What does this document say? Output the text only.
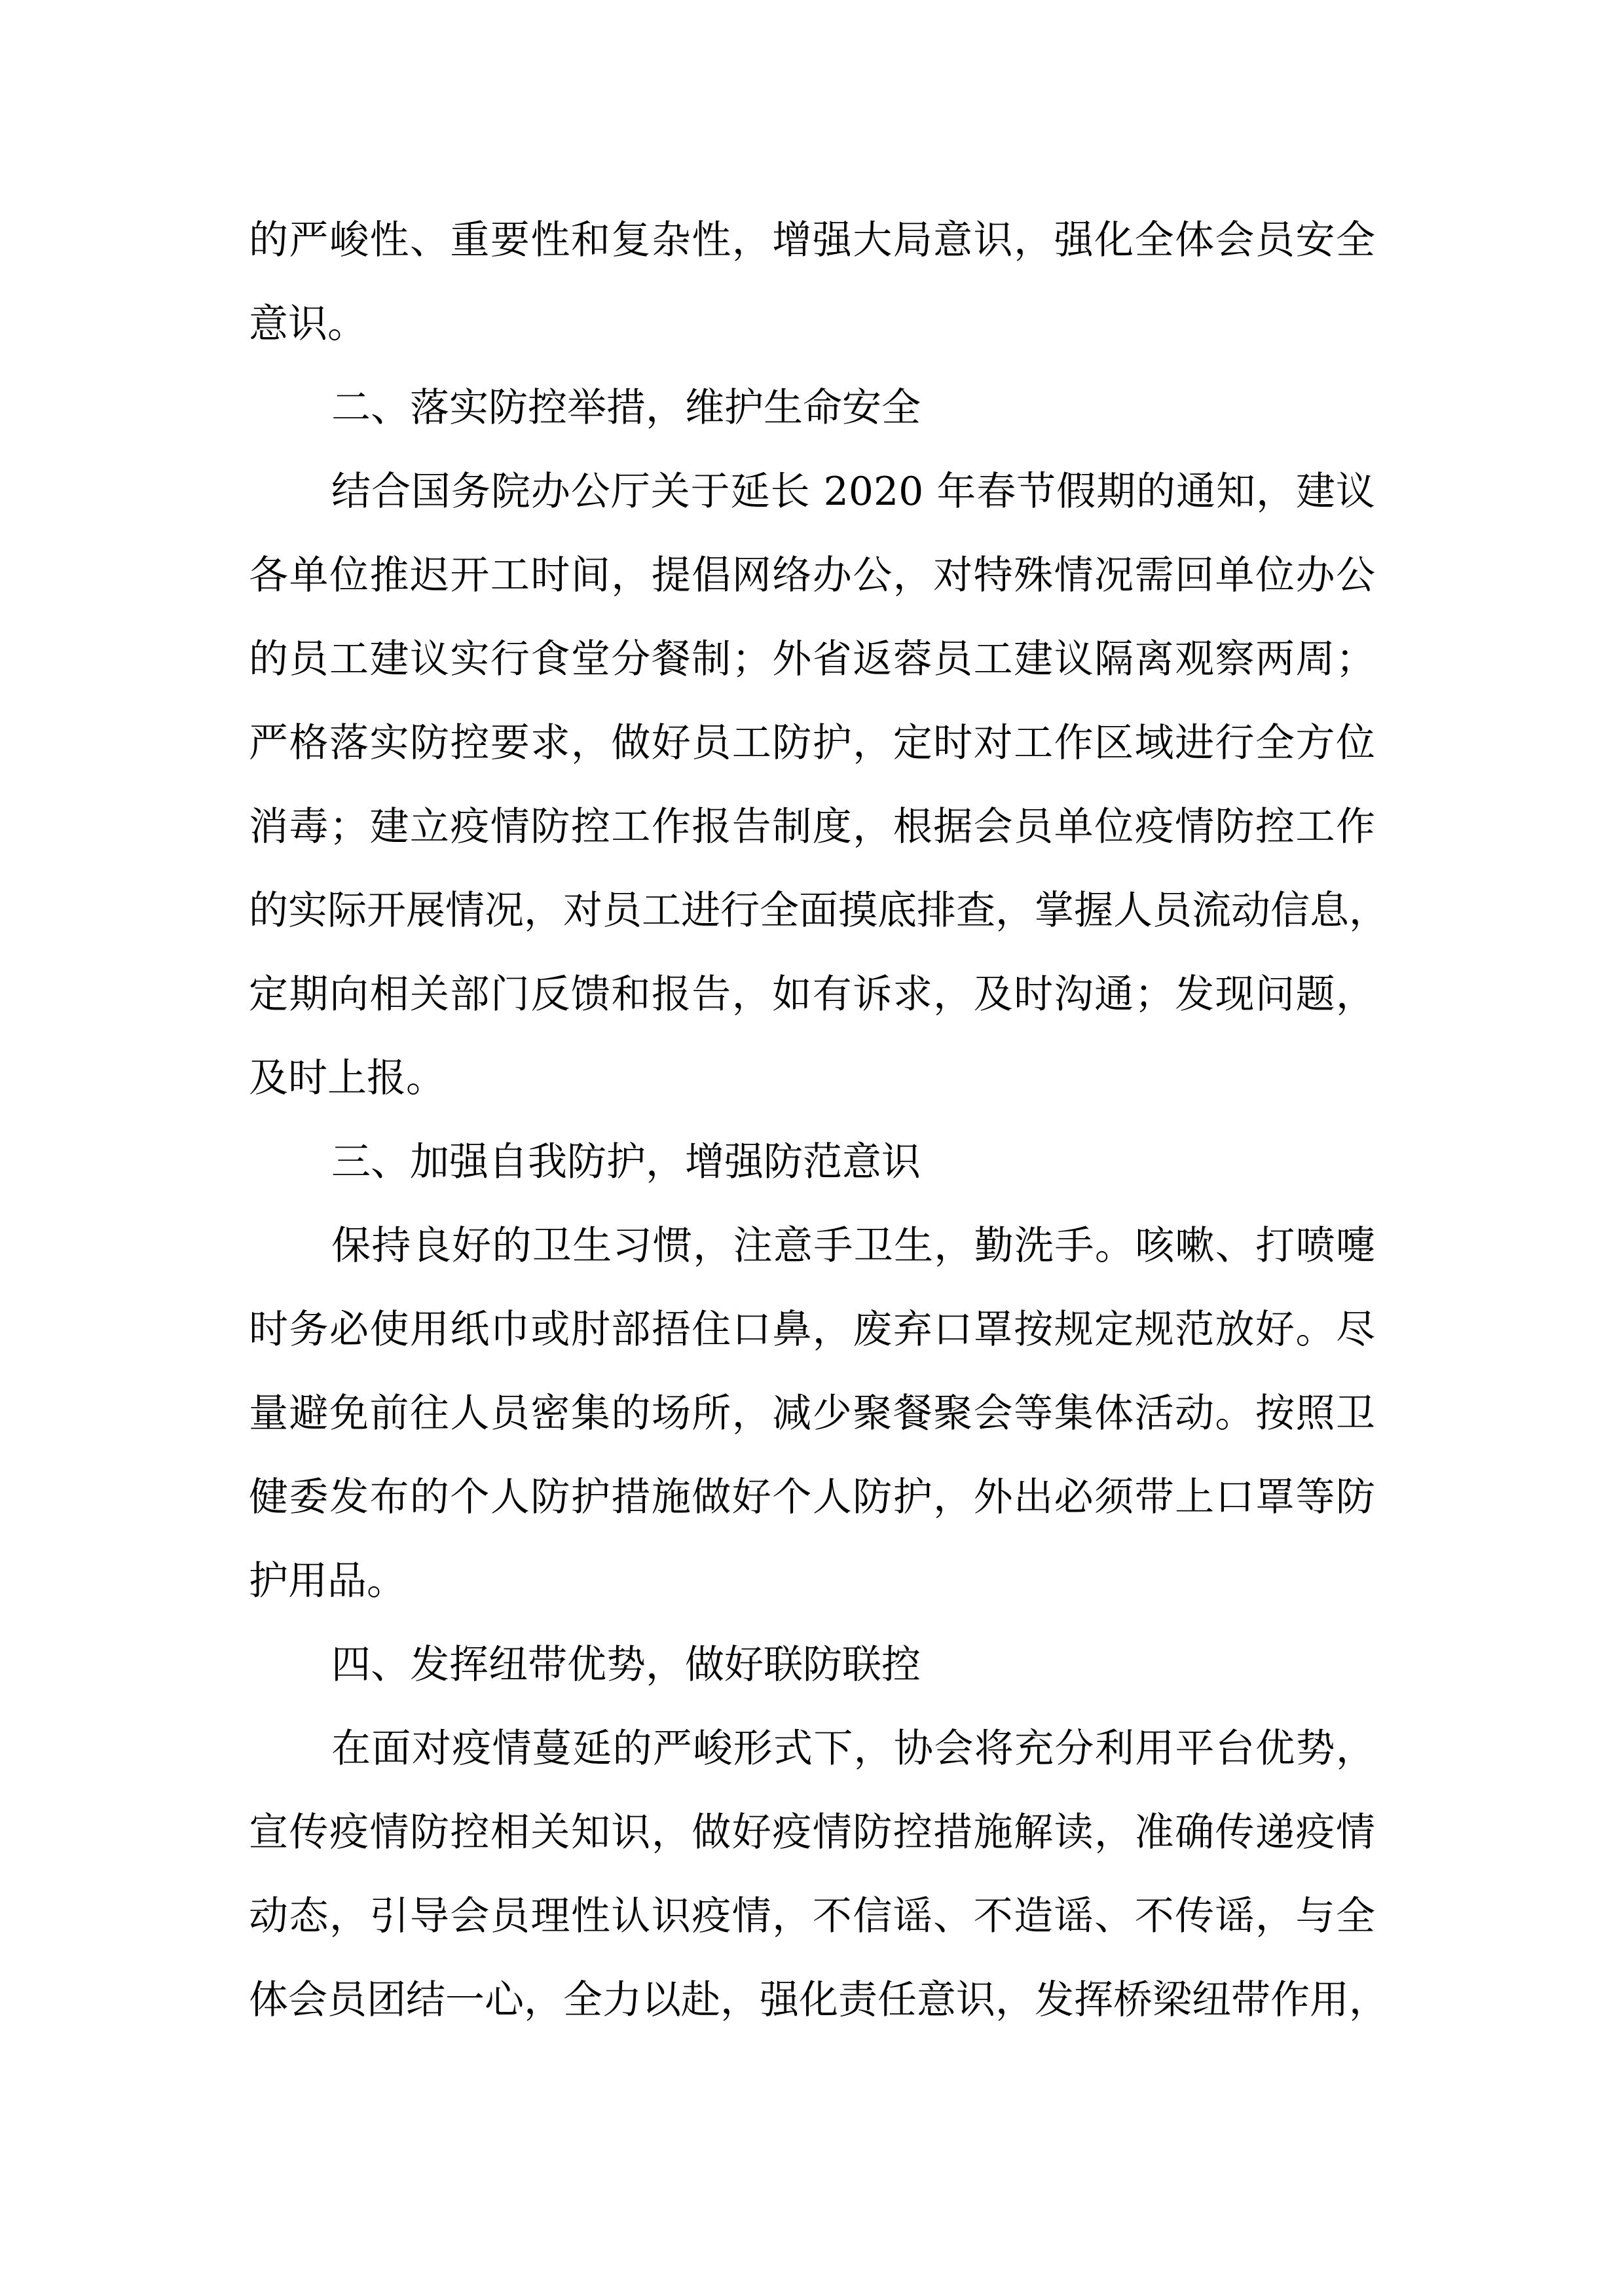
的严峻性、重要性和复杂性，增强大局意识，强化全体会员安全
意识。
二、落实防控举措，维护生命安全
结合国务院办公厅关于延长 2020 年春节假期的通知，建议
各单位推迟开工时间，提倡网络办公，对特殊情况需回单位办公
的员工建议实行食堂分餐制；外省返蓉员工建议隔离观察两周；
严格落实防控要求，做好员工防护，定时对工作区域进行全方位
消毒；建立疫情防控工作报告制度，根据会员单位疫情防控工作
的实际开展情况，对员工进行全面摸底排查，掌握人员流动信息，
定期向相关部门反馈和报告，如有诉求，及时沟通；发现问题，
及时上报。
三、加强自我防护，增强防范意识
保持良好的卫生习惯，注意手卫生，勤洗手。咳嗽、打喷嚏
时务必使用纸巾或肘部捂住口鼻，废弃口罩按规定规范放好。尽
量避免前往人员密集的场所，减少聚餐聚会等集体活动。按照卫
健委发布的个人防护措施做好个人防护，外出必须带上口罩等防
护用品。
四、发挥纽带优势，做好联防联控
在面对疫情蔓延的严峻形式下，协会将充分利用平台优势，
宣传疫情防控相关知识，做好疫情防控措施解读，准确传递疫情
动态，引导会员理性认识疫情，不信谣、不造谣、不传谣，与全
体会员团结一心，全力以赴，强化责任意识，发挥桥梁纽带作用，
